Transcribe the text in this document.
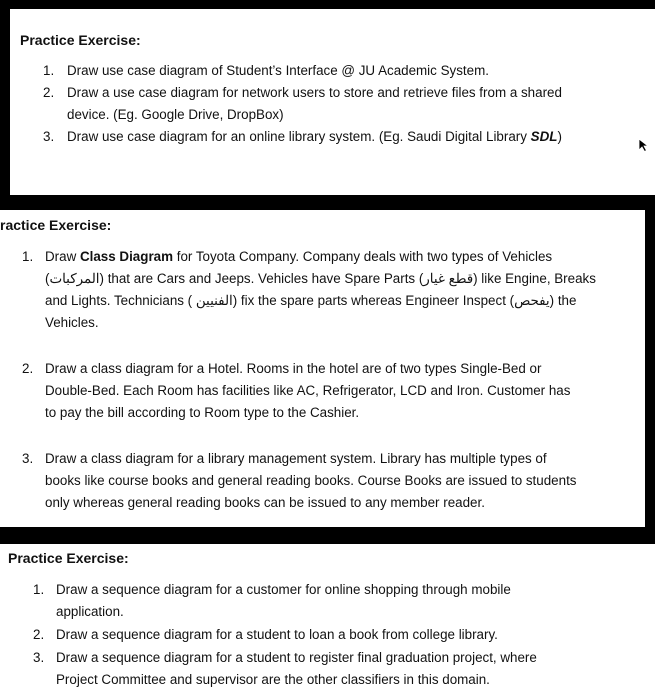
Practice Exercise:
1. Draw use case diagram of Student’s Interface @ JU Academic System.
2. Draw a use case diagram for network users to store and retrieve files from a shared
device. (Eg. Google Drive, DropBox)
3. Draw use case diagram for an online library system. (Eg. Saudi Digital Library SDL)
ractice Exercise:
1. Draw Class Diagram for Toyota Company. Company deals with two types of Vehicles
(المركبات) that are Cars and Jeeps. Vehicles have Spare Parts (قطع غيار) like Engine, Breaks
and Lights. Technicians ( الفنيين) fix the spare parts whereas Engineer Inspect (يفحص) the
Vehicles.
2. Draw a class diagram for a Hotel. Rooms in the hotel are of two types Single-Bed or
Double-Bed. Each Room has facilities like AC, Refrigerator, LCD and Iron. Customer has
to pay the bill according to Room type to the Cashier.
3. Draw a class diagram for a library management system. Library has multiple types of
books like course books and general reading books. Course Books are issued to students
only whereas general reading books can be issued to any member reader.
Practice Exercise:
1. Draw a sequence diagram for a customer for online shopping through mobile
application.
2. Draw a sequence diagram for a student to loan a book from college library.
3. Draw a sequence diagram for a student to register final graduation project, where
Project Committee and supervisor are the other classifiers in this domain.
